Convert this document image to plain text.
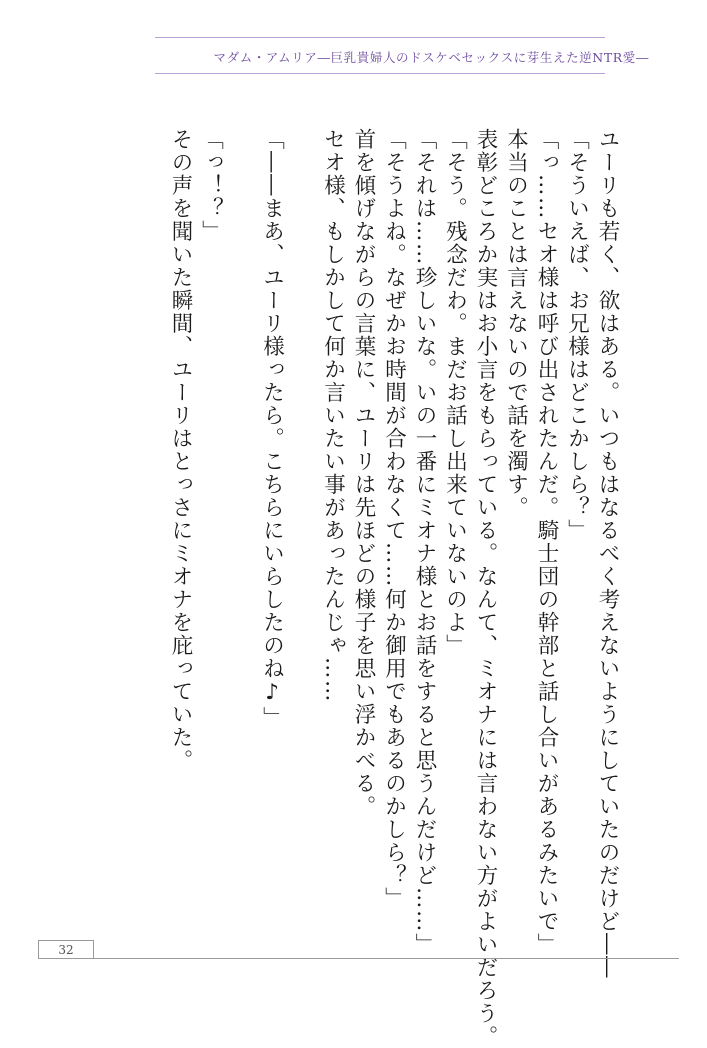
マダム・アムリア―巨乳貴婦人のドスケベセックスに芽生えた逆NTR愛―
ユーリも若く、欲はある。いつもはなるべく考えないようにしていたのだけど――
「そういえば、お兄様はどこかしら？」
「っ……セオ様は呼び出されたんだ。騎士団の幹部と話し合いがあるみたいで」
本当のことは言えないので話を濁す。
表彰どころか実はお小言をもらっている。なんて、ミオナには言わない方がよいだろう。
「そう。残念だわ。まだお話し出来ていないのよ」
「それは……珍しいな。いの一番にミオナ様とお話をすると思うんだけど……」
「そうよね。なぜかお時間が合わなくて……何か御用でもあるのかしら？」
首を傾げながらの言葉に、ユーリは先ほどの様子を思い浮かべる。
セオ様、もしかして何か言いたい事があったんじゃ……
「――まあ、ユーリ様ったら。こちらにいらしたのね♪」
「っ！？」
その声を聞いた瞬間、ユーリはとっさにミオナを庇っていた。
32
